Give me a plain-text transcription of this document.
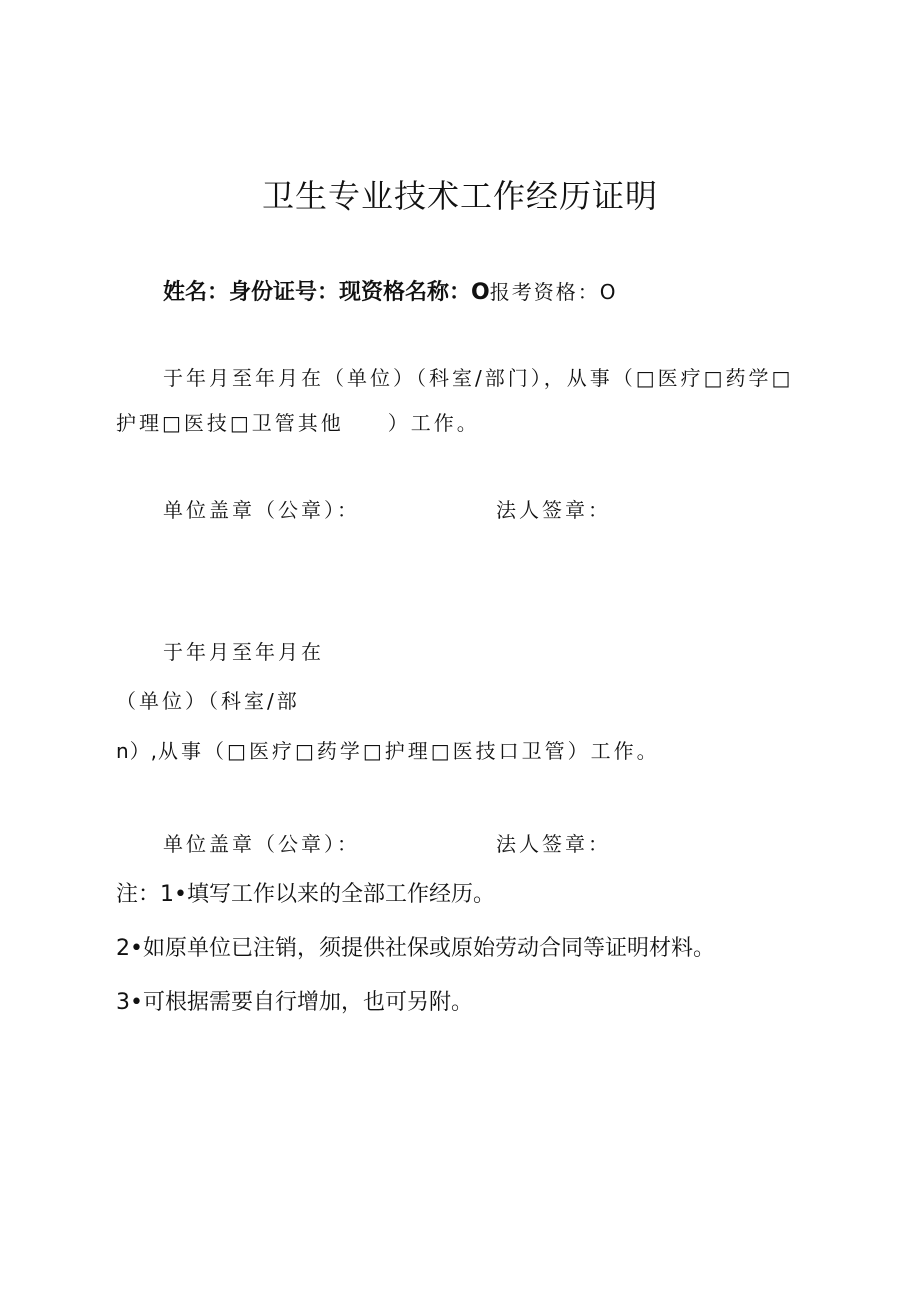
卫生专业技术工作经历证明
姓名：身份证号：现资格名称：O报考资格：O
于年月至年月在（单位）（科室/部门），从事（□医疗□药学□
护理□医技□卫管其他 ）工作。
单位盖章（公章）：	法人签章：
于年月至年月在
（单位）（科室/部
n）,从事（□医疗□药学□护理□医技口卫管）工作。
单位盖章（公章）：	法人签章：
注：1•填写工作以来的全部工作经历。
2•如原单位已注销，须提供社保或原始劳动合同等证明材料。
3•可根据需要自行增加，也可另附。
